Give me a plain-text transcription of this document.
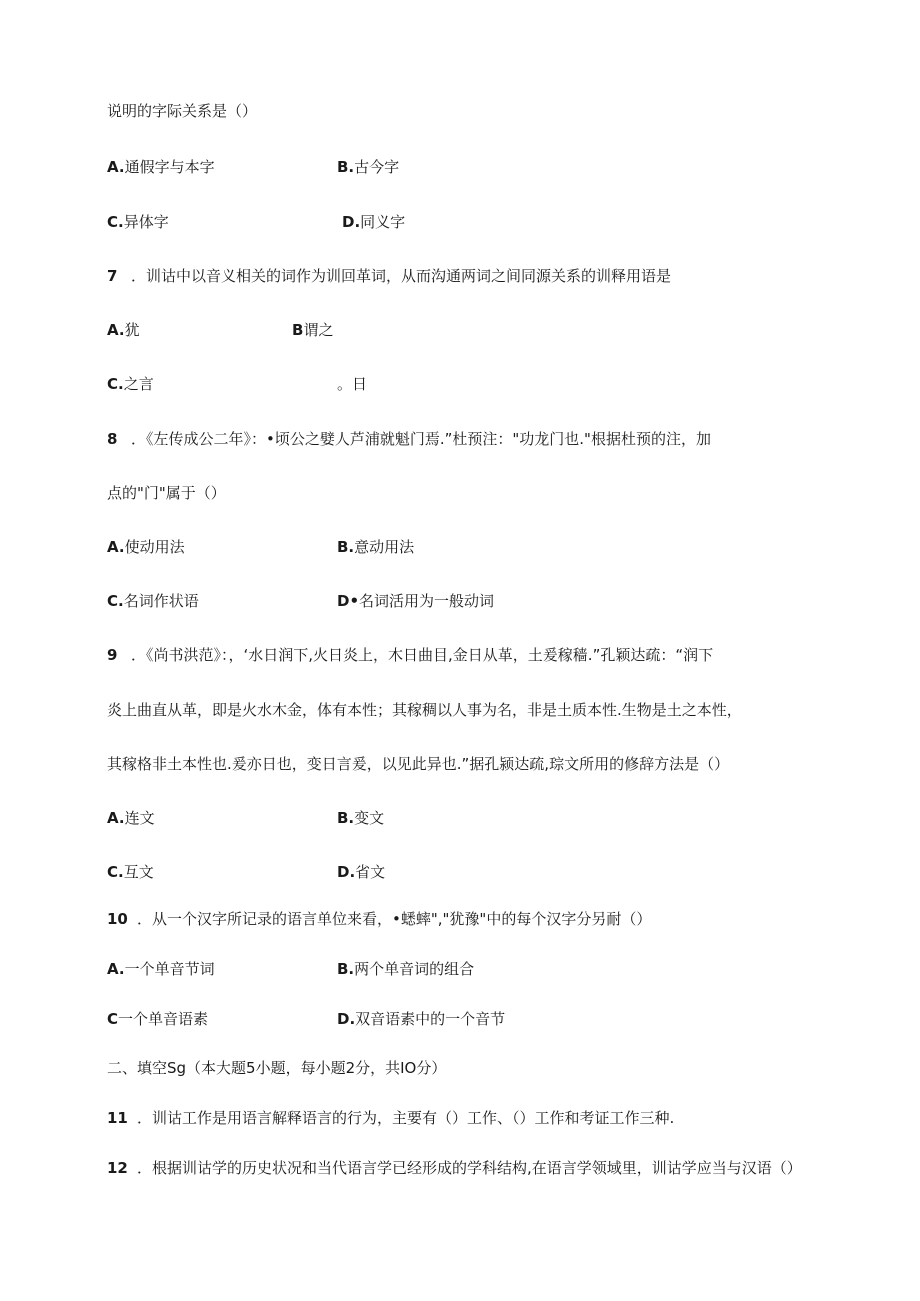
说明的字际关系是（）
A.通假字与本字	B.古今字
C.异体字	D.同义字
7 ．训诂中以音义相关的词作为训回革词，从而沟通两词之间同源关系的训释用语是
A.犹	B谓之
C.之言	。日
8 ．《左传成公二年》：•顷公之嬖人芦浦就魁门焉.”杜预注："功龙门也."根据杜预的注，加
点的"门"属于（）
A.使动用法	B.意动用法
C.名词作状语	D•名词活用为一般动词
9 ．《尚书洪范》：，‘水日润下,火日炎上，木日曲目,金日从革，土爰稼穑.”孔颖达疏：“润下
炎上曲直从革，即是火水木金，体有本性；其稼稠以人事为名，非是土质本性.生物是土之本性，
其稼格非土本性也.爰亦日也，变日言爰，以见此异也.”据孔颍达疏,琮文所用的修辞方法是（）
A.连文	B.变文
C.互文	D.省文
10 ．从一个汉字所记录的语言单位来看，•蟋蟀","犹豫"中的每个汉字分另耐（）
A.一个单音节词	B.两个单音词的组合
C一个单音语素	D.双音语素中的一个音节
二、填空Sg（本大题5小题，每小题2分，共IO分）
11 ．训诂工作是用语言解释语言的行为，主要有（）工作、（）工作和考证工作三种.
12 ．根据训诂学的历史状况和当代语言学已经形成的学科结构,在语言学领域里，训诂学应当与汉语（）
